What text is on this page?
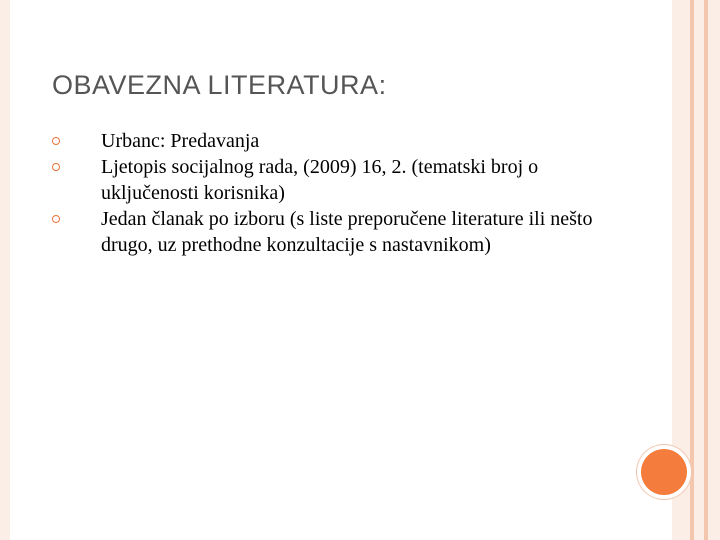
OBAVEZNA LITERATURA:
Urbanc: Predavanja
Ljetopis socijalnog rada, (2009) 16, 2. (tematski broj o uključenosti korisnika)
Jedan članak po izboru (s liste preporučene literature ili nešto drugo, uz prethodne konzultacije s nastavnikom)
